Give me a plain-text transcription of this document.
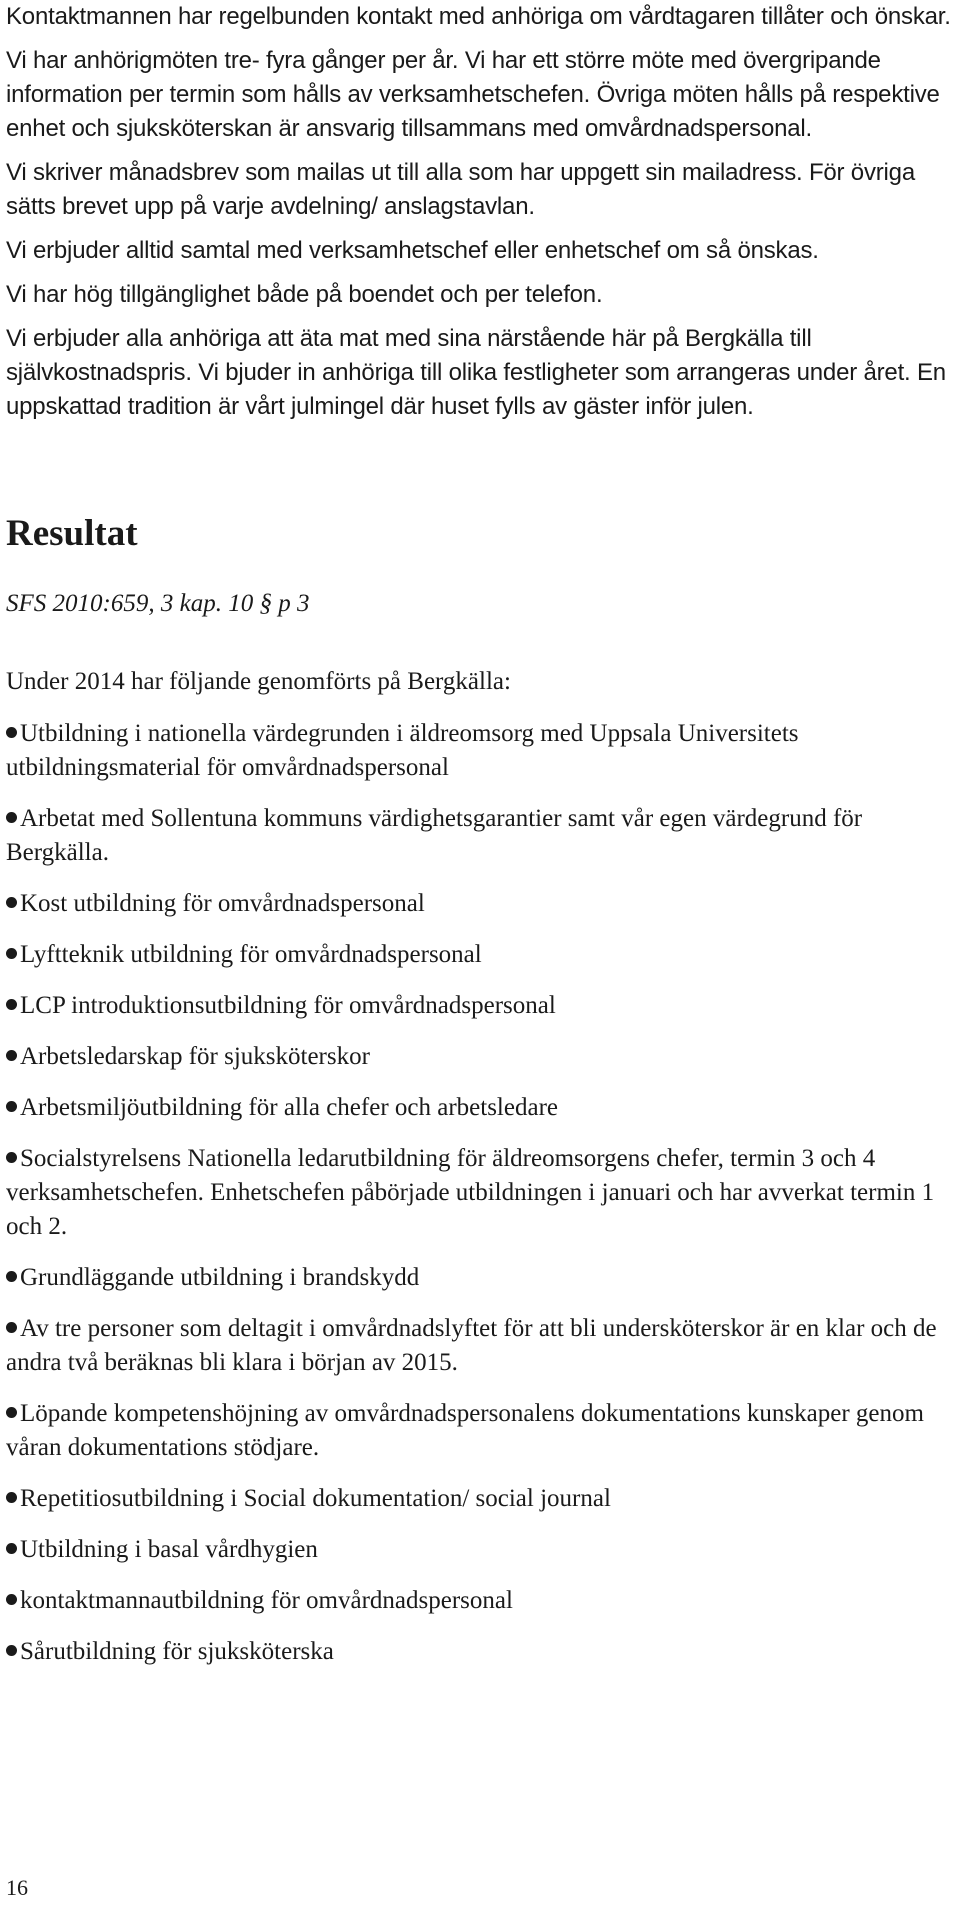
Kontaktmannen har regelbunden kontakt med anhöriga om vårdtagaren tillåter och önskar.

Vi har anhörigmöten tre- fyra gånger per år. Vi har ett större möte med övergripande information per termin som hålls av verksamhetschefen. Övriga möten hålls på respektive enhet och sjuksköterskan är ansvarig tillsammans med omvårdnadspersonal.

Vi skriver månadsbrev som mailas ut till alla som har uppgett sin mailadress. För övriga sätts brevet upp på varje avdelning/ anslagstavlan.

Vi erbjuder alltid samtal med verksamhetschef eller enhetschef om så önskas.

Vi har hög tillgänglighet både på boendet och per telefon.

Vi erbjuder alla anhöriga att äta mat med sina närstående här på Bergkälla till självkostnadspris. Vi bjuder in anhöriga till olika festligheter som arrangeras under året. En uppskattad tradition är vårt julmingel där huset fylls av gäster inför julen.

Resultat

SFS 2010:659, 3 kap. 10 § p 3

Under 2014 har följande genomförts på Bergkälla:

Utbildning i nationella värdegrunden i äldreomsorg med Uppsala Universitets utbildningsmaterial för omvårdnadspersonal
Arbetat med Sollentuna kommuns värdighetsgarantier samt vår egen värdegrund för Bergkälla.
Kost utbildning för omvårdnadspersonal
Lyftteknik utbildning för omvårdnadspersonal
LCP introduktionsutbildning för omvårdnadspersonal
Arbetsledarskap för sjuksköterskor
Arbetsmiljöutbildning för alla chefer och arbetsledare
Socialstyrelsens Nationella ledarutbildning för äldreomsorgens chefer, termin 3 och 4 verksamhetschefen. Enhetschefen påbörjade utbildningen i januari och har avverkat termin 1 och 2.
Grundläggande utbildning i brandskydd
Av tre personer som deltagit i omvårdnadslyftet för att bli undersköterskor är en klar och de andra två beräknas bli klara i början av 2015.
Löpande kompetenshöjning av omvårdnadspersonalens dokumentations kunskaper genom våran dokumentations stödjare.
Repetitiosutbildning i Social dokumentation/ social journal
Utbildning i basal vårdhygien
kontaktmannautbildning för omvårdnadspersonal
Sårutbildning för sjuksköterska
16
